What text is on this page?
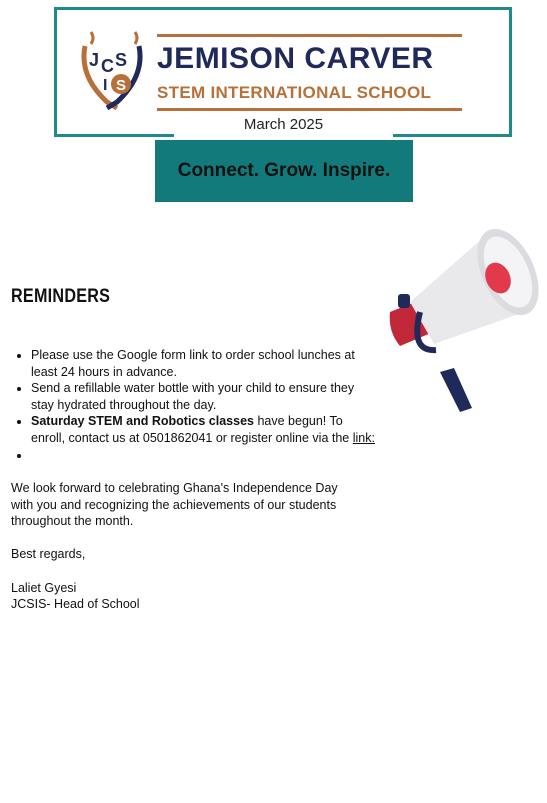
J C S
I S
JEMISON CARVER
STEM INTERNATIONAL SCHOOL
March 2025
Connect. Grow. Inspire.
REMINDERS
• Please use the Google form link to order school lunches at least 24 hours in advance.
• Send a refillable water bottle with your child to ensure they stay hydrated throughout the day.
• Saturday STEM and Robotics classes have begun! To enroll, contact us at 0501862041 or register online via the link:
•

We look forward to celebrating Ghana's Independence Day with you and recognizing the achievements of our students throughout the month.

Best regards,

Laliet Gyesi

JCSIS- Head of School
